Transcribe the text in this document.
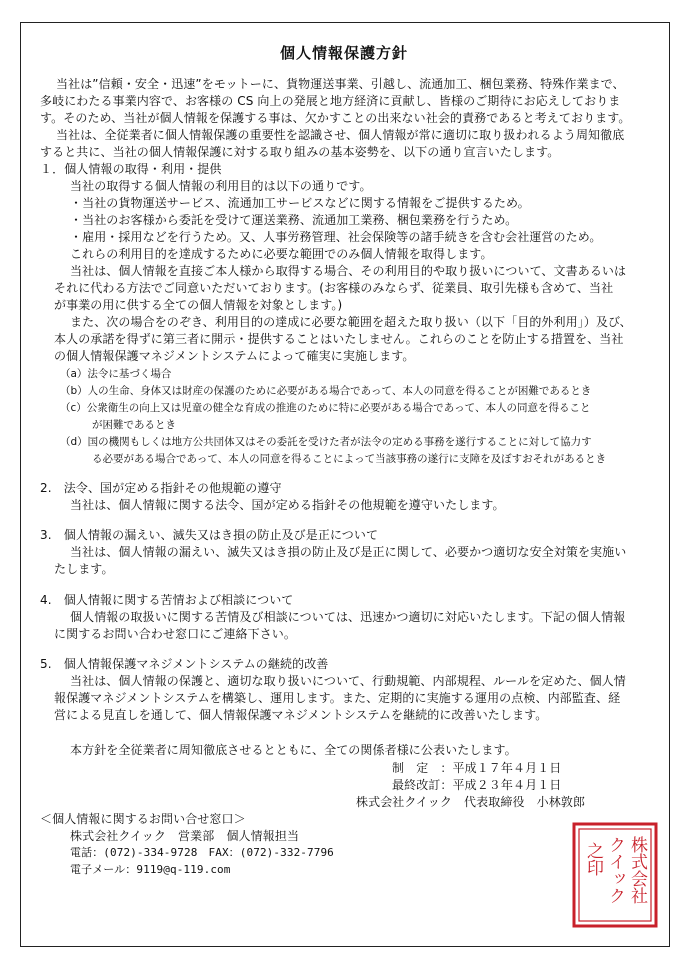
個人情報保護方針
当社は”信頼・安全・迅速”をモットーに、貨物運送事業、引越し、流通加工、梱包業務、特殊作業まで、
多岐にわたる事業内容で、お客様の CS 向上の発展と地方経済に貢献し、皆様のご期待にお応えしておりま
す。そのため、当社が個人情報を保護する事は、欠かすことの出来ない社会的責務であると考えております。
当社は、全従業者に個人情報保護の重要性を認識させ、個人情報が常に適切に取り扱われるよう周知徹底
すると共に、当社の個人情報保護に対する取り組みの基本姿勢を、以下の通り宣言いたします。
１．個人情報の取得・利用・提供
当社の取得する個人情報の利用目的は以下の通りです。
・当社の貨物運送サービス、流通加工サービスなどに関する情報をご提供するため。
・当社のお客様から委託を受けて運送業務、流通加工業務、梱包業務を行うため。
・雇用・採用などを行うため。又、人事労務管理、社会保険等の諸手続きを含む会社運営のため。
これらの利用目的を達成するために必要な範囲でのみ個人情報を取得します。
当社は、個人情報を直接ご本人様から取得する場合、その利用目的や取り扱いについて、文書あるいは
それに代わる方法でご同意いただいております。(お客様のみならず、従業員、取引先様も含めて、当社
が事業の用に供する全ての個人情報を対象とします。)
また、次の場合をのぞき、利用目的の達成に必要な範囲を超えた取り扱い（以下「目的外利用」）及び、
本人の承諾を得ずに第三者に開示・提供することはいたしません。これらのことを防止する措置を、当社
の個人情報保護マネジメントシステムによって確実に実施します。
（a）法令に基づく場合
（b）人の生命、身体又は財産の保護のために必要がある場合であって、本人の同意を得ることが困難であるとき
（c）公衆衛生の向上又は児童の健全な育成の推進のために特に必要がある場合であって、本人の同意を得ること
が困難であるとき
（d）国の機関もしくは地方公共団体又はその委託を受けた者が法令の定める事務を遂行することに対して協力す
る必要がある場合であって、本人の同意を得ることによって当該事務の遂行に支障を及ぼすおそれがあるとき
2.　法令、国が定める指針その他規範の遵守
当社は、個人情報に関する法令、国が定める指針その他規範を遵守いたします。
3.　個人情報の漏えい、滅失又はき損の防止及び是正について
当社は、個人情報の漏えい、滅失又はき損の防止及び是正に関して、必要かつ適切な安全対策を実施い
たします。
4.　個人情報に関する苦情および相談について
個人情報の取扱いに関する苦情及び相談については、迅速かつ適切に対応いたします。下記の個人情報
に関するお問い合わせ窓口にご連絡下さい。
5.　個人情報保護マネジメントシステムの継続的改善
当社は、個人情報の保護と、適切な取り扱いについて、行動規範、内部規程、ルールを定めた、個人情
報保護マネジメントシステムを構築し、運用します。また、定期的に実施する運用の点検、内部監査、経
営による見直しを通して、個人情報保護マネジメントシステムを継続的に改善いたします。
本方針を全従業者に周知徹底させるとともに、全ての関係者様に公表いたします。
制　定　：平成１７年４月１日
最終改訂：平成２３年４月１日
株式会社クイック　代表取締役　小林敦郎
＜個人情報に関するお問い合せ窓口＞
株式会社クイック　営業部　個人情報担当
電話：(072)-334-9728　FAX：(072)-332-7796
電子メール：9119@q-119.com	株式会社
クイック
之印
